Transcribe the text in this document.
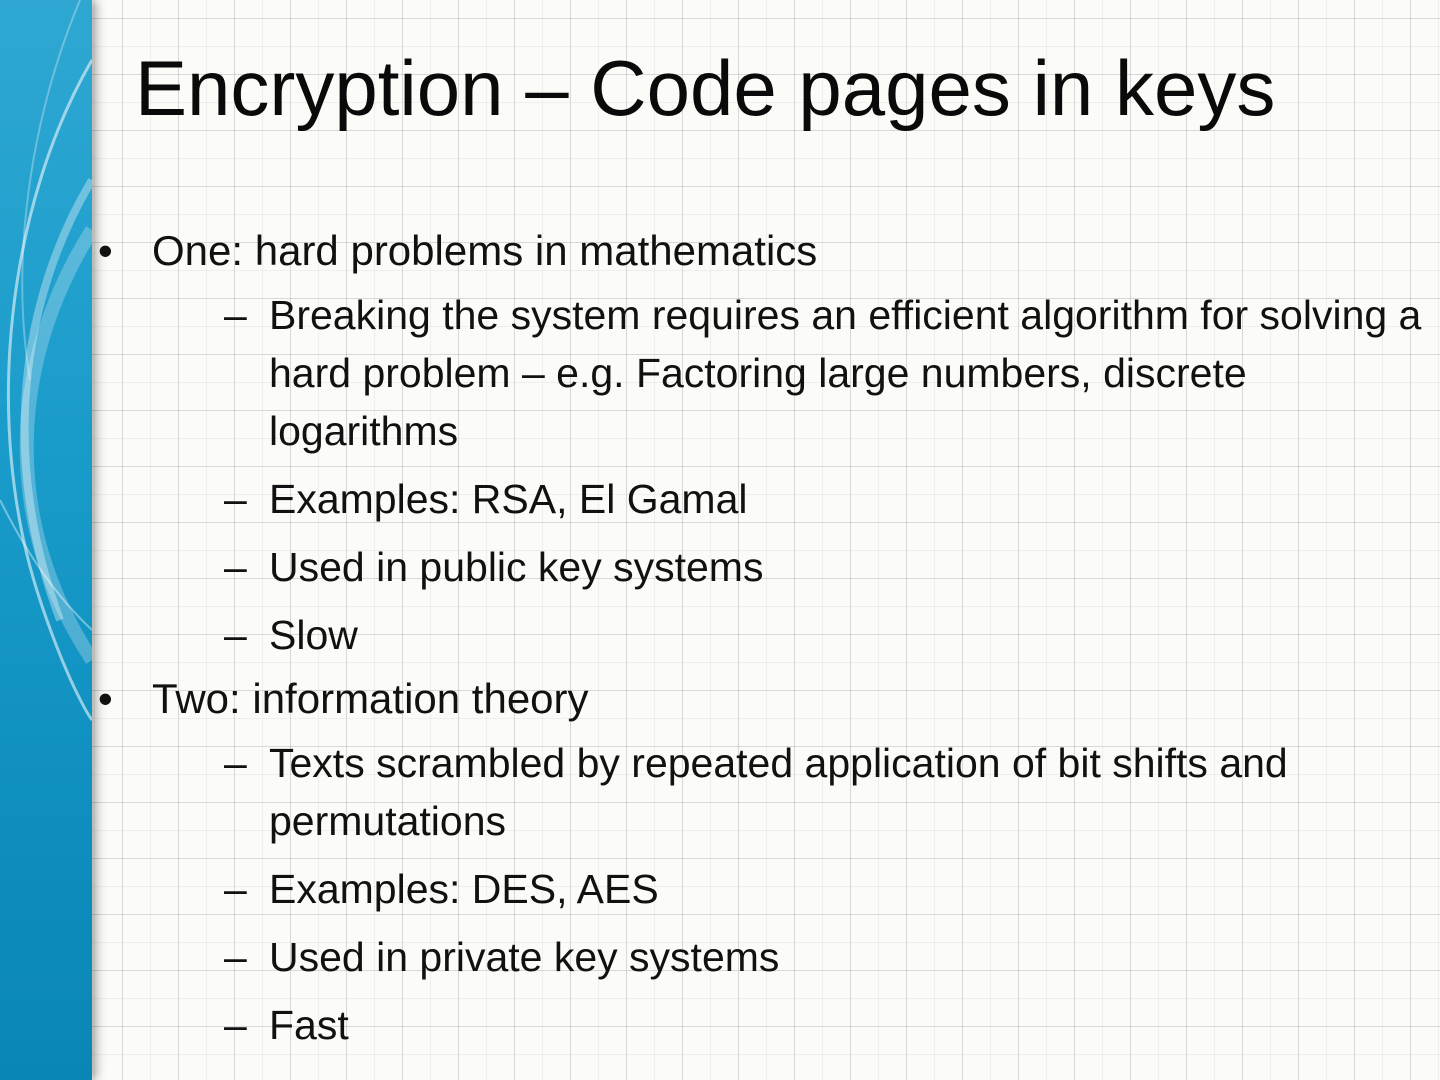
Encryption – Code pages in keys
• One: hard problems in mathematics
– Breaking the system requires an efficient algorithm for solving a hard problem – e.g. Factoring large numbers, discrete logarithms
– Examples: RSA, El Gamal
– Used in public key systems
– Slow
• Two: information theory
– Texts scrambled by repeated application of bit shifts and permutations
– Examples: DES, AES
– Used in private key systems
– Fast
